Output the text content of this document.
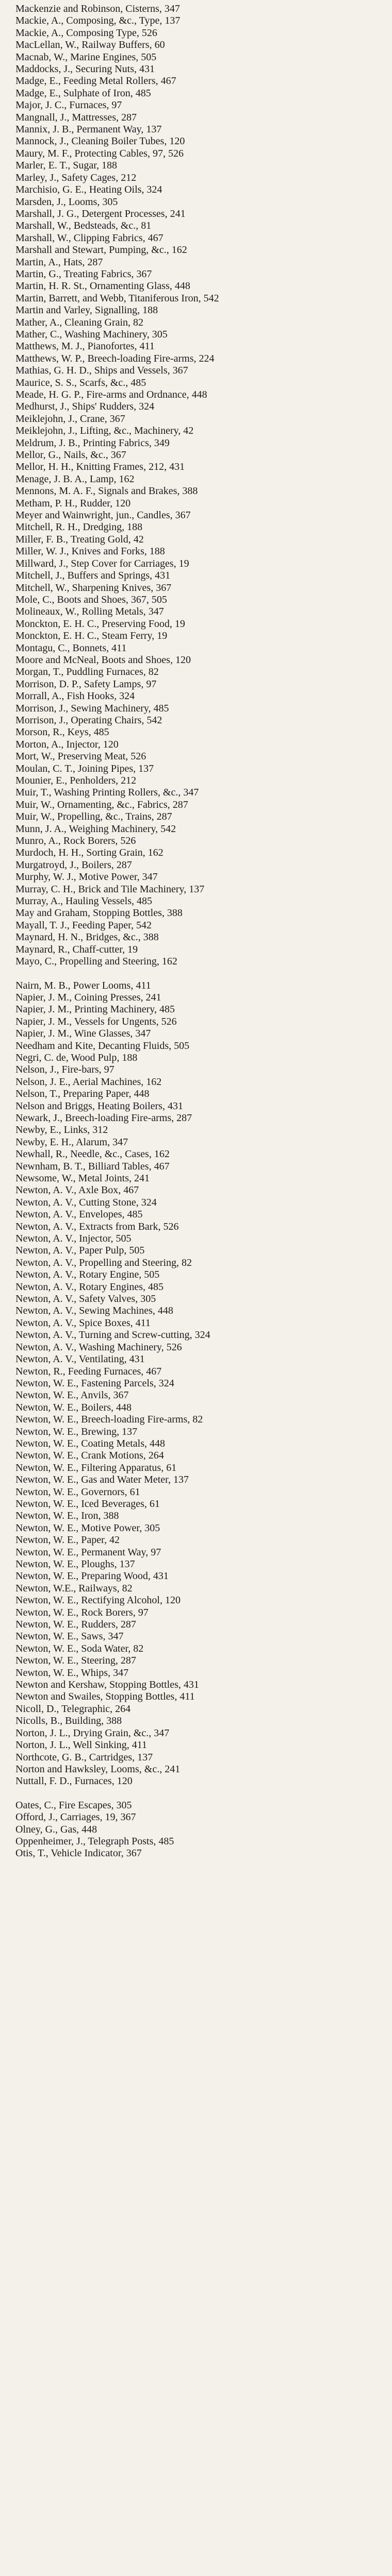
Mackenzie and Robinson, Cisterns, 347
Mackie, A., Composing, &c., Type, 137
Mackie, A., Composing Type, 526
MacLellan, W., Railway Buffers, 60
Macnab, W., Marine Engines, 505
Maddocks, J., Securing Nuts, 431
Madge, E., Feeding Metal Rollers, 467
Madge, E., Sulphate of Iron, 485
Major, J. C., Furnaces, 97
Mangnall, J., Mattresses, 287
Mannix, J. B., Permanent Way, 137
Mannock, J., Cleaning Boiler Tubes, 120
Maury, M. F., Protecting Cables, 97, 526
Marler, E. T., Sugar, 188
Marley, J., Safety Cages, 212
Marchisio, G. E., Heating Oils, 324
Marsden, J., Looms, 305
Marshall, J. G., Detergent Processes, 241
Marshall, W., Bedsteads, &c., 81
Marshall, W., Clipping Fabrics, 467
Marshall and Stewart, Pumping, &c., 162
Martin, A., Hats, 287
Martin, G., Treating Fabrics, 367
Martin, H. R. St., Ornamenting Glass, 448
Martin, Barrett, and Webb, Titaniferous Iron, 542
Martin and Varley, Signalling, 188
Mather, A., Cleaning Grain, 82
Mather, C., Washing Machinery, 305
Matthews, M. J., Pianofortes, 411
Matthews, W. P., Breech-loading Fire-arms, 224
Mathias, G. H. D., Ships and Vessels, 367
Maurice, S. S., Scarfs, &c., 485
Meade, H. G. P., Fire-arms and Ordnance, 448
Medhurst, J., Ships' Rudders, 324
Meiklejohn, J., Crane, 367
Meiklejohn, J., Lifting, &c., Machinery, 42
Meldrum, J. B., Printing Fabrics, 349
Mellor, G., Nails, &c., 367
Mellor, H. H., Knitting Frames, 212, 431
Menage, J. B. A., Lamp, 162
Mennons, M. A. F., Signals and Brakes, 388
Metham, P. H., Rudder, 120
Meyer and Wainwright, jun., Candles, 367
Mitchell, R. H., Dredging, 188
Miller, F. B., Treating Gold, 42
Miller, W. J., Knives and Forks, 188
Millward, J., Step Cover for Carriages, 19
Mitchell, J., Buffers and Springs, 431
Mitchell, W., Sharpening Knives, 367
Mole, C., Boots and Shoes, 367, 505
Molineaux, W., Rolling Metals, 347
Monckton, E. H. C., Preserving Food, 19
Monckton, E. H. C., Steam Ferry, 19
Montagu, C., Bonnets, 411
Moore and McNeal, Boots and Shoes, 120
Morgan, T., Puddling Furnaces, 82
Morrison, D. P., Safety Lamps, 97
Morrall, A., Fish Hooks, 324
Morrison, J., Sewing Machinery, 485
Morrison, J., Operating Chairs, 542
Morson, R., Keys, 485
Morton, A., Injector, 120
Mort, W., Preserving Meat, 526
Moulan, C. T., Joining Pipes, 137
Mounier, E., Penholders, 212
Muir, T., Washing Printing Rollers, &c., 347
Muir, W., Ornamenting, &c., Fabrics, 287
Muir, W., Propelling, &c., Trains, 287
Munn, J. A., Weighing Machinery, 542
Munro, A., Rock Borers, 526
Murdoch, H. H., Sorting Grain, 162
Murgatroyd, J., Boilers, 287
Murphy, W. J., Motive Power, 347
Murray, C. H., Brick and Tile Machinery, 137
Murray, A., Hauling Vessels, 485
May and Graham, Stopping Bottles, 388
Mayall, T. J., Feeding Paper, 542
Maynard, H. N., Bridges, &c., 388
Maynard, R., Chaff-cutter, 19
Mayo, C., Propelling and Steering, 162
Nairn, M. B., Power Looms, 411
Napier, J. M., Coining Presses, 241
Napier, J. M., Printing Machinery, 485
Napier, J. M., Vessels for Ungents, 526
Napier, J. M., Wine Glasses, 347
Needham and Kite, Decanting Fluids, 505
Negri, C. de, Wood Pulp, 188
Nelson, J., Fire-bars, 97
Nelson, J. E., Aerial Machines, 162
Nelson, T., Preparing Paper, 448
Nelson and Briggs, Heating Boilers, 431
Newark, J., Breech-loading Fire-arms, 287
Newby, E., Links, 312
Newby, E. H., Alarum, 347
Newhall, R., Needle, &c., Cases, 162
Newnham, B. T., Billiard Tables, 467
Newsome, W., Metal Joints, 241
Newton, A. V., Axle Box, 467
Newton, A. V., Cutting Stone, 324
Newton, A. V., Envelopes, 485
Newton, A. V., Extracts from Bark, 526
Newton, A. V., Injector, 505
Newton, A. V., Paper Pulp, 505
Newton, A. V., Propelling and Steering, 82
Newton, A. V., Rotary Engine, 505
Newton, A. V., Rotary Engines, 485
Newton, A. V., Safety Valves, 305
Newton, A. V., Sewing Machines, 448
Newton, A. V., Spice Boxes, 411
Newton, A. V., Turning and Screw-cutting, 324
Newton, A. V., Washing Machinery, 526
Newton, A. V., Ventilating, 431
Newton, R., Feeding Furnaces, 467
Newton, W. E., Fastening Parcels, 324
Newton, W. E., Anvils, 367
Newton, W. E., Boilers, 448
Newton, W. E., Breech-loading Fire-arms, 82
Newton, W. E., Brewing, 137
Newton, W. E., Coating Metals, 448
Newton, W. E., Crank Motions, 264
Newton, W. E., Filtering Apparatus, 61
Newton, W. E., Gas and Water Meter, 137
Newton, W. E., Governors, 61
Newton, W. E., Iced Beverages, 61
Newton, W. E., Iron, 388
Newton, W. E., Motive Power, 305
Newton, W. E., Paper, 42
Newton, W. E., Permanent Way, 97
Newton, W. E., Ploughs, 137
Newton, W. E., Preparing Wood, 431
Newton, W.E., Railways, 82
Newton, W. E., Rectifying Alcohol, 120
Newton, W. E., Rock Borers, 97
Newton, W. E., Rudders, 287
Newton, W. E., Saws, 347
Newton, W. E., Soda Water, 82
Newton, W. E., Steering, 287
Newton, W. E., Whips, 347
Newton and Kershaw, Stopping Bottles, 431
Newton and Swailes, Stopping Bottles, 411
Nicoll, D., Telegraphic, 264
Nicolls, B., Building, 388
Norton, J. L., Drying Grain, &c., 347
Norton, J. L., Well Sinking, 411
Northcote, G. B., Cartridges, 137
Norton and Hawksley, Looms, &c., 241
Nuttall, F. D., Furnaces, 120
Oates, C., Fire Escapes, 305
Offord, J., Carriages, 19, 367
Olney, G., Gas, 448
Oppenheimer, J., Telegraph Posts, 485
Otis, T., Vehicle Indicator, 367
